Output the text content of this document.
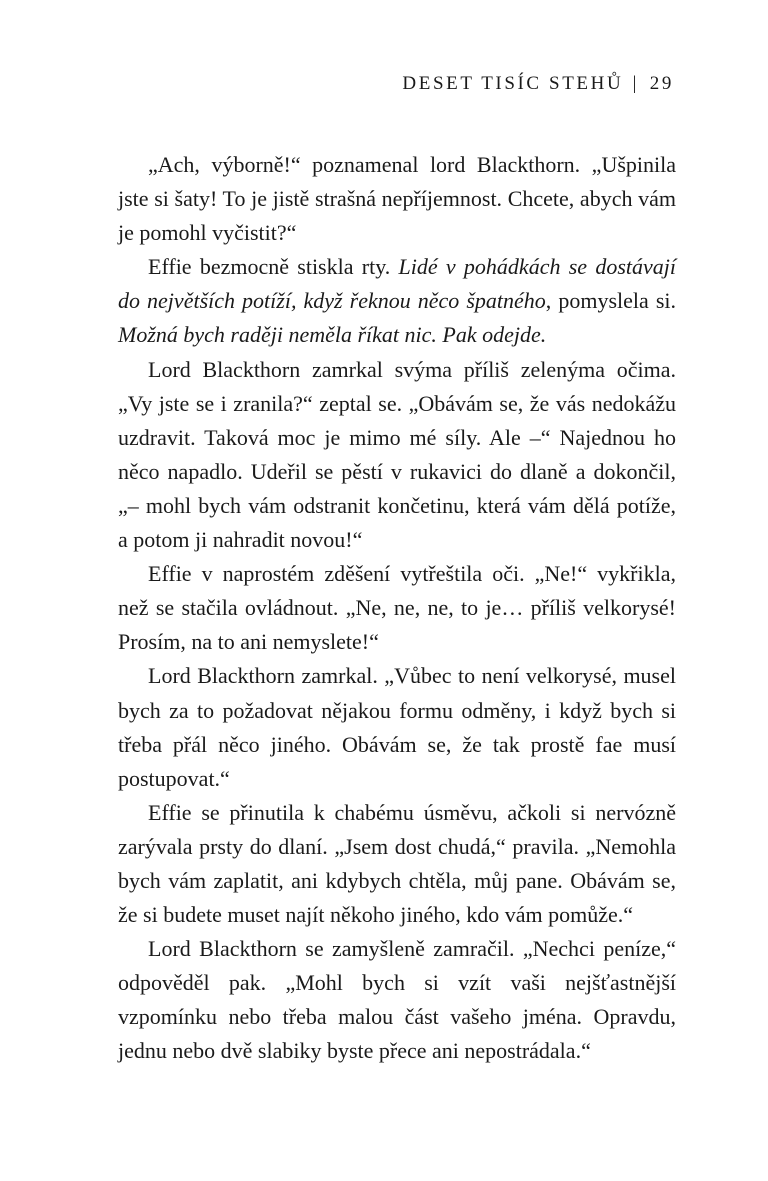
DESET TISÍC STEHŮ | 29

„Ach, výborně!“ poznamenal lord Blackthorn. „Ušpinila jste si šaty! To je jistě strašná nepříjemnost. Chcete, abych vám je pomohl vyčistit?“

Effie bezmocně stiskla rty. Lidé v pohádkách se dostávají do největších potíží, když řeknou něco špatného, pomyslela si. Možná bych raději neměla říkat nic. Pak odejde.

Lord Blackthorn zamrkal svýma příliš zelenýma očima. „Vy jste se i zranila?“ zeptal se. „Obávám se, že vás nedokážu uzdravit. Taková moc je mimo mé síly. Ale –“ Najednou ho něco napadlo. Udeřil se pěstí v rukavici do dlaně a dokončil, „– mohl bych vám odstranit končetinu, která vám dělá potíže, a potom ji nahradit novou!“

Effie v naprostém zděšení vytřeštila oči. „Ne!“ vykřikla, než se stačila ovládnout. „Ne, ne, ne, to je… příliš velkorysé! Prosím, na to ani nemyslete!“

Lord Blackthorn zamrkal. „Vůbec to není velkorysé, musel bych za to požadovat nějakou formu odměny, i když bych si třeba přál něco jiného. Obávám se, že tak prostě fae musí postupovat.“

Effie se přinutila k chabému úsměvu, ačkoli si nervózně zarývala prsty do dlaní. „Jsem dost chudá,“ pravila. „Nemohla bych vám zaplatit, ani kdybych chtěla, můj pane. Obávám se, že si budete muset najít někoho jiného, kdo vám pomůže.“

Lord Blackthorn se zamyšleně zamračil. „Nechci peníze,“ odpověděl pak. „Mohl bych si vzít vaši nejšťastnější vzpomínku nebo třeba malou část vašeho jména. Opravdu, jednu nebo dvě slabiky byste přece ani nepostrádala.“
